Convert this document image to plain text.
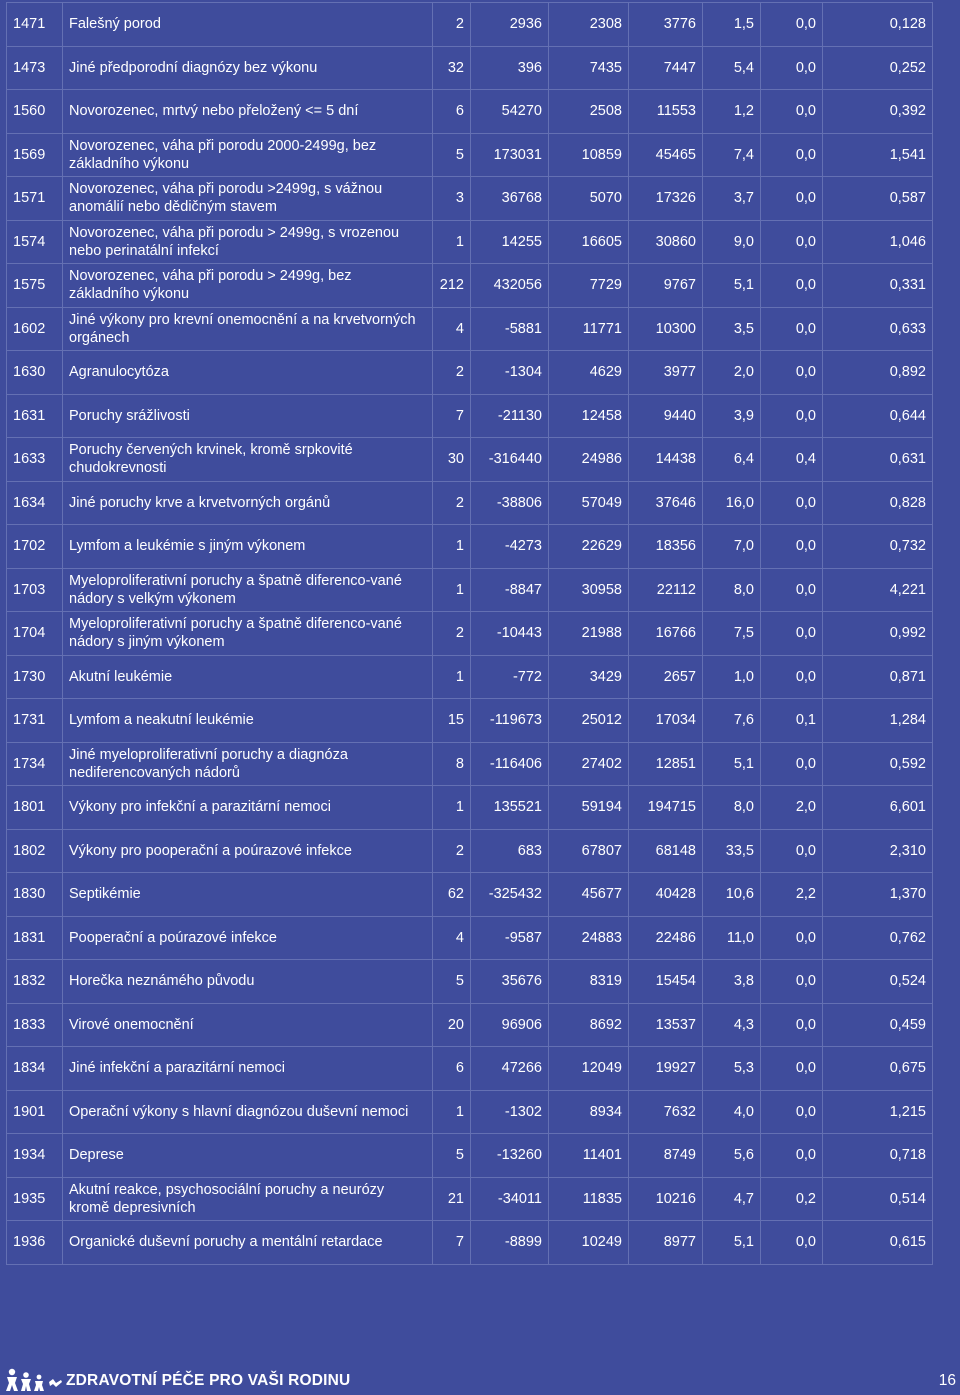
1471	Falešný porod	2	2936	2308	3776	1,5	0,0	0,128
1473	Jiné předporodní diagnózy bez výkonu	32	396	7435	7447	5,4	0,0	0,252
1560	Novorozenec, mrtvý nebo přeložený <= 5 dní	6	54270	2508	11553	1,2	0,0	0,392
1569	Novorozenec, váha při porodu 2000-2499g, bez základního výkonu	5	173031	10859	45465	7,4	0,0	1,541
1571	Novorozenec, váha při porodu >2499g, s vážnou anomálií nebo dědičným stavem	3	36768	5070	17326	3,7	0,0	0,587
1574	Novorozenec, váha při porodu > 2499g, s vrozenou nebo perinatální infekcí	1	14255	16605	30860	9,0	0,0	1,046
1575	Novorozenec, váha při porodu > 2499g, bez základního výkonu	212	432056	7729	9767	5,1	0,0	0,331
1602	Jiné výkony pro krevní onemocnění a na krvetvorných orgánech	4	-5881	11771	10300	3,5	0,0	0,633
1630	Agranulocytóza	2	-1304	4629	3977	2,0	0,0	0,892
1631	Poruchy srážlivosti	7	-21130	12458	9440	3,9	0,0	0,644
1633	Poruchy červených krvinek, kromě srpkovité chudokrevnosti	30	-316440	24986	14438	6,4	0,4	0,631
1634	Jiné poruchy krve a krvetvorných orgánů	2	-38806	57049	37646	16,0	0,0	0,828
1702	Lymfom a leukémie s jiným výkonem	1	-4273	22629	18356	7,0	0,0	0,732
1703	Myeloproliferativní poruchy a špatně diferenco-vané nádory s velkým výkonem	1	-8847	30958	22112	8,0	0,0	4,221
1704	Myeloproliferativní poruchy a špatně diferenco-vané nádory s jiným výkonem	2	-10443	21988	16766	7,5	0,0	0,992
1730	Akutní leukémie	1	-772	3429	2657	1,0	0,0	0,871
1731	Lymfom a neakutní leukémie	15	-119673	25012	17034	7,6	0,1	1,284
1734	Jiné myeloproliferativní poruchy a diagnóza nediferencovaných nádorů	8	-116406	27402	12851	5,1	0,0	0,592
1801	Výkony pro infekční a parazitární nemoci	1	135521	59194	194715	8,0	2,0	6,601
1802	Výkony pro pooperační a poúrazové infekce	2	683	67807	68148	33,5	0,0	2,310
1830	Septikémie	62	-325432	45677	40428	10,6	2,2	1,370
1831	Pooperační a poúrazové infekce	4	-9587	24883	22486	11,0	0,0	0,762
1832	Horečka neznámého původu	5	35676	8319	15454	3,8	0,0	0,524
1833	Virové onemocnění	20	96906	8692	13537	4,3	0,0	0,459
1834	Jiné infekční a parazitární nemoci	6	47266	12049	19927	5,3	0,0	0,675
1901	Operační výkony s hlavní diagnózou duševní nemoci	1	-1302	8934	7632	4,0	0,0	1,215
1934	Deprese	5	-13260	11401	8749	5,6	0,0	0,718
1935	Akutní reakce, psychosociální poruchy a neurózy kromě depresivních	21	-34011	11835	10216	4,7	0,2	0,514
1936	Organické duševní poruchy a mentální retardace	7	-8899	10249	8977	5,1	0,0	0,615
ZDRAVOTNÍ PÉČE PRO VAŠI RODINU	16
